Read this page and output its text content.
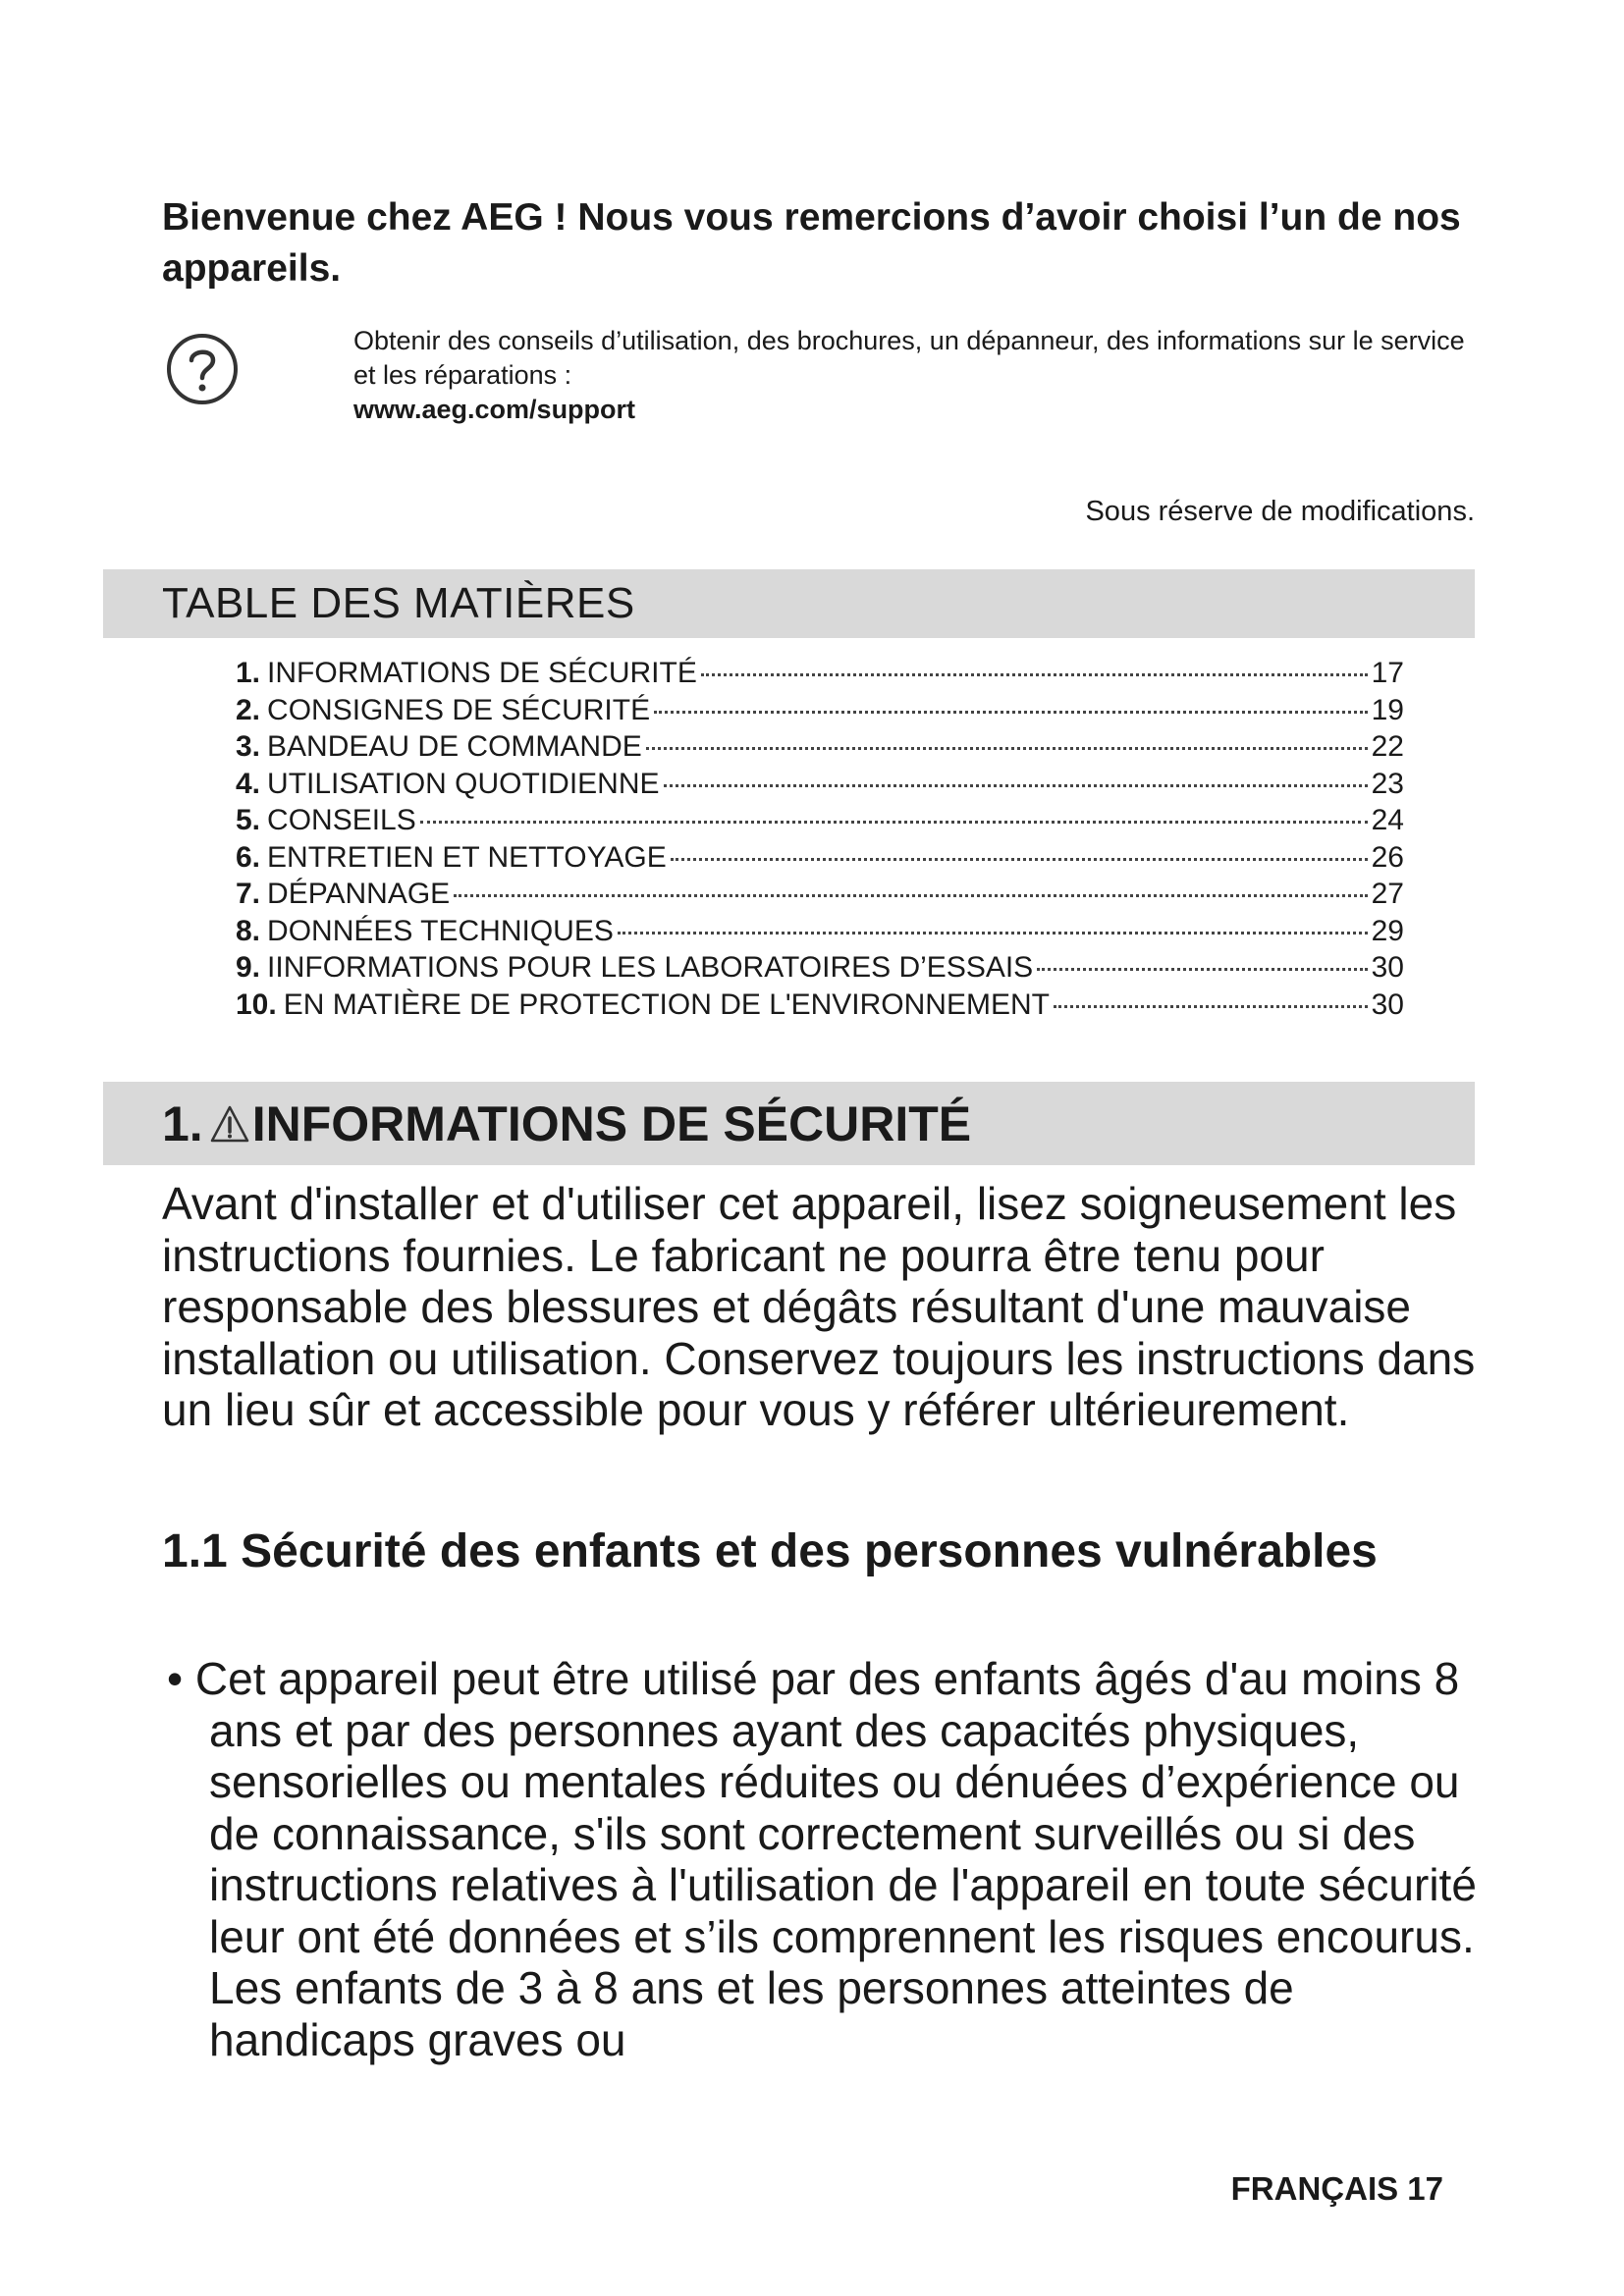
Bienvenue chez AEG ! Nous vous remercions d’avoir choisi l’un de nos appareils.
Obtenir des conseils d’utilisation, des brochures, un dépanneur, des informations sur le service et les réparations :
www.aeg.com/support
Sous réserve de modifications.
TABLE DES MATIÈRES
1. INFORMATIONS DE SÉCURITÉ	17
2. CONSIGNES DE SÉCURITÉ	19
3. BANDEAU DE COMMANDE	22
4. UTILISATION QUOTIDIENNE	23
5. CONSEILS	24
6. ENTRETIEN ET NETTOYAGE	26
7. DÉPANNAGE	27
8. DONNÉES TECHNIQUES	29
9. IINFORMATIONS POUR LES LABORATOIRES D’ESSAIS	30
10. EN MATIÈRE DE PROTECTION DE L'ENVIRONNEMENT	30
1. INFORMATIONS DE SÉCURITÉ

Avant d'installer et d'utiliser cet appareil, lisez soigneusement les instructions fournies. Le fabricant ne pourra être tenu pour responsable des blessures et dégâts résultant d'une mauvaise installation ou utilisation. Conservez toujours les instructions dans un lieu sûr et accessible pour vous y référer ultérieurement.

1.1 Sécurité des enfants et des personnes vulnérables
• Cet appareil peut être utilisé par des enfants âgés d'au moins 8 ans et par des personnes ayant des capacités physiques, sensorielles ou mentales réduites ou dénuées d’expérience ou de connaissance, s'ils sont correctement surveillés ou si des instructions relatives à l'utilisation de l'appareil en toute sécurité leur ont été données et s’ils comprennent les risques encourus. Les enfants de 3 à 8 ans et les personnes atteintes de handicaps graves ou
FRANÇAIS 17
